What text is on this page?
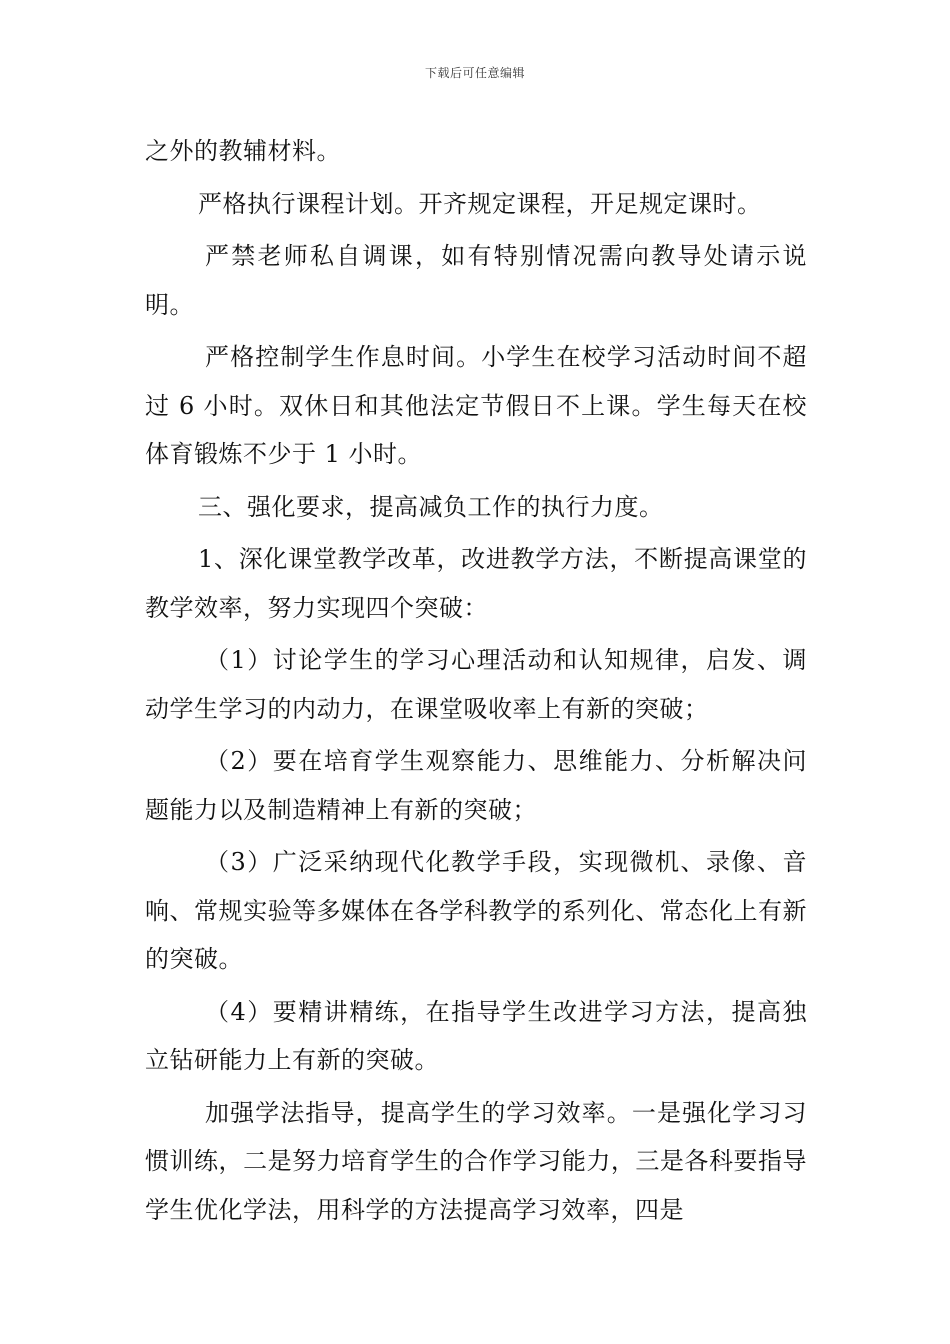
下载后可任意编辑

之外的教辅材料。

严格执行课程计划。开齐规定课程，开足规定课时。

严禁老师私自调课，如有特别情况需向教导处请示说明。

严格控制学生作息时间。小学生在校学习活动时间不超过 6 小时。双休日和其他法定节假日不上课。学生每天在校体育锻炼不少于 1 小时。

三、强化要求，提高减负工作的执行力度。

1、深化课堂教学改革，改进教学方法，不断提高课堂的教学效率，努力实现四个突破：

（1）讨论学生的学习心理活动和认知规律，启发、调动学生学习的内动力，在课堂吸收率上有新的突破；

（2）要在培育学生观察能力、思维能力、分析解决问题能力以及制造精神上有新的突破；

（3）广泛采纳现代化教学手段，实现微机、录像、音响、常规实验等多媒体在各学科教学的系列化、常态化上有新的突破。

（4）要精讲精练，在指导学生改进学习方法，提高独立钻研能力上有新的突破。

加强学法指导，提高学生的学习效率。一是强化学习习惯训练，二是努力培育学生的合作学习能力，三是各科要指导学生优化学法，用科学的方法提高学习效率，四是
